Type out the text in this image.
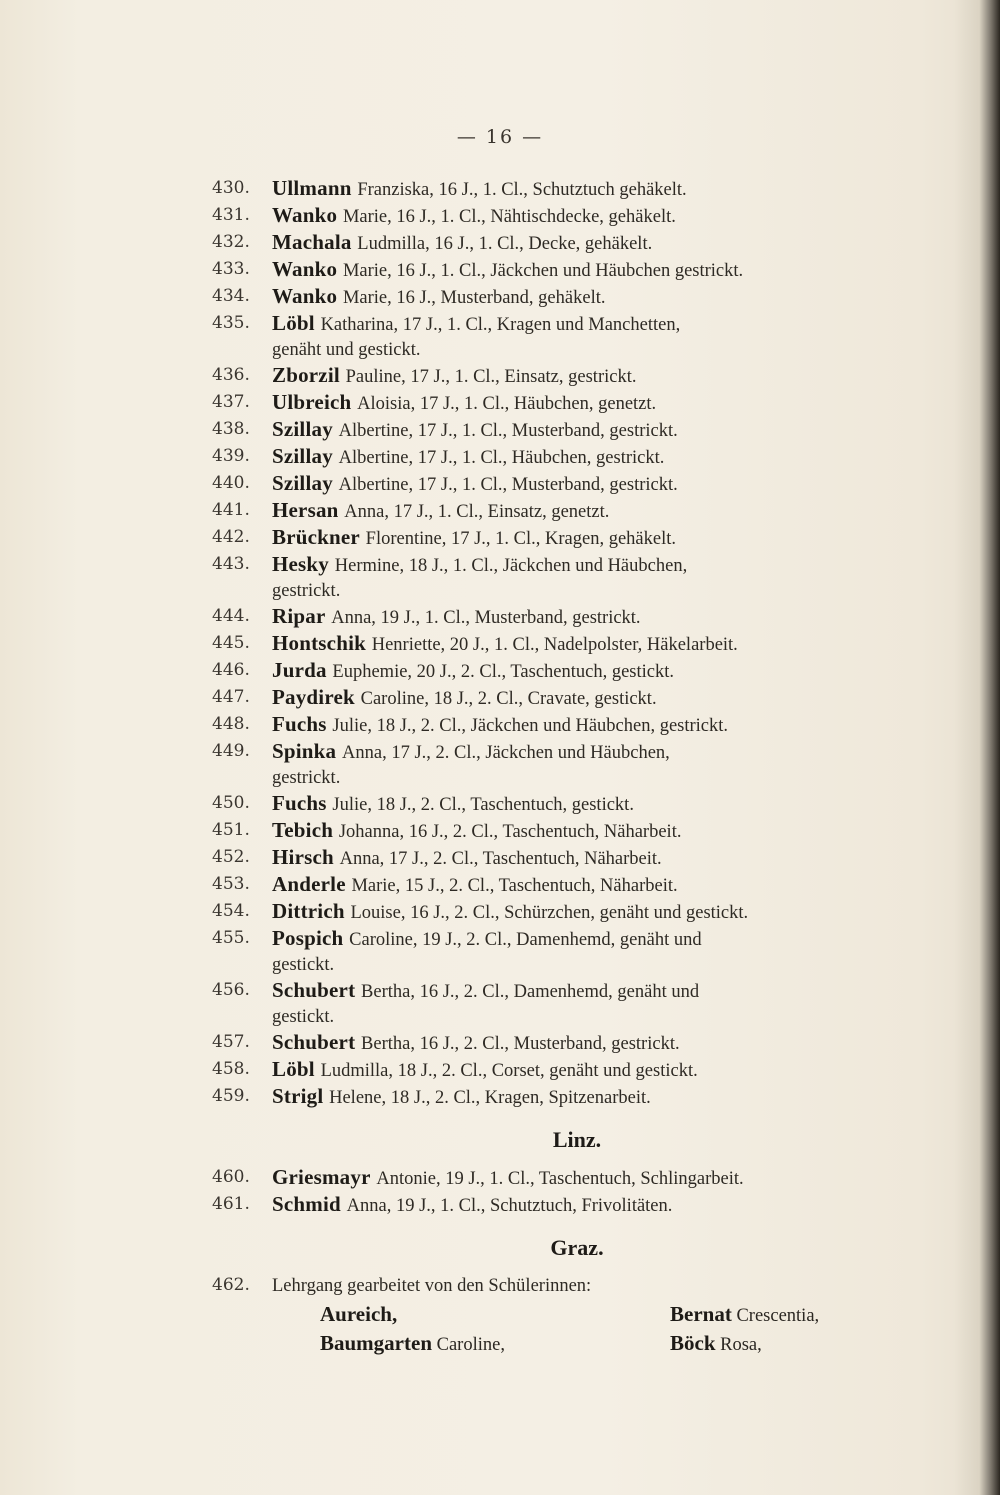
— 16 —
430.	Ullmann Franziska, 16 J., 1. Cl., Schutztuch gehäkelt.
431.	Wanko Marie, 16 J., 1. Cl., Nähtischdecke, gehäkelt.
432.	Machala Ludmilla, 16 J., 1. Cl., Decke, gehäkelt.
433.	Wanko Marie, 16 J., 1. Cl., Jäckchen und Häubchen gestrickt.
434.	Wanko Marie, 16 J., Musterband, gehäkelt.
435.	Löbl Katharina, 17 J., 1. Cl., Kragen und Manchetten,
genäht und gestickt.
436.	Zborzil Pauline, 17 J., 1. Cl., Einsatz, gestrickt.
437.	Ulbreich Aloisia, 17 J., 1. Cl., Häubchen, genetzt.
438.	Szillay Albertine, 17 J., 1. Cl., Musterband, gestrickt.
439.	Szillay Albertine, 17 J., 1. Cl., Häubchen, gestrickt.
440.	Szillay Albertine, 17 J., 1. Cl., Musterband, gestrickt.
441.	Hersan Anna, 17 J., 1. Cl., Einsatz, genetzt.
442.	Brückner Florentine, 17 J., 1. Cl., Kragen, gehäkelt.
443.	Hesky Hermine, 18 J., 1. Cl., Jäckchen und Häubchen,
gestrickt.
444.	Ripar Anna, 19 J., 1. Cl., Musterband, gestrickt.
445.	Hontschik Henriette, 20 J., 1. Cl., Nadelpolster, Häkelarbeit.
446.	Jurda Euphemie, 20 J., 2. Cl., Taschentuch, gestickt.
447.	Paydirek Caroline, 18 J., 2. Cl., Cravate, gestickt.
448.	Fuchs Julie, 18 J., 2. Cl., Jäckchen und Häubchen, gestrickt.
449.	Spinka Anna, 17 J., 2. Cl., Jäckchen und Häubchen,
gestrickt.
450.	Fuchs Julie, 18 J., 2. Cl., Taschentuch, gestickt.
451.	Tebich Johanna, 16 J., 2. Cl., Taschentuch, Näharbeit.
452.	Hirsch Anna, 17 J., 2. Cl., Taschentuch, Näharbeit.
453.	Anderle Marie, 15 J., 2. Cl., Taschentuch, Näharbeit.
454.	Dittrich Louise, 16 J., 2. Cl., Schürzchen, genäht und gestickt.
455.	Pospich Caroline, 19 J., 2. Cl., Damenhemd, genäht und
gestickt.
456.	Schubert Bertha, 16 J., 2. Cl., Damenhemd, genäht und
gestickt.
457.	Schubert Bertha, 16 J., 2. Cl., Musterband, gestrickt.
458.	Löbl Ludmilla, 18 J., 2. Cl., Corset, genäht und gestickt.
459.	Strigl Helene, 18 J., 2. Cl., Kragen, Spitzenarbeit.
Linz.
460.	Griesmayr Antonie, 19 J., 1. Cl., Taschentuch, Schlingarbeit.
461.	Schmid Anna, 19 J., 1. Cl., Schutztuch, Frivolitäten.
Graz.
462.	Lehrgang gearbeitet von den Schülerinnen:
Aureich,	Bernat Crescentia,
Baumgarten Caroline,	Böck Rosa,
